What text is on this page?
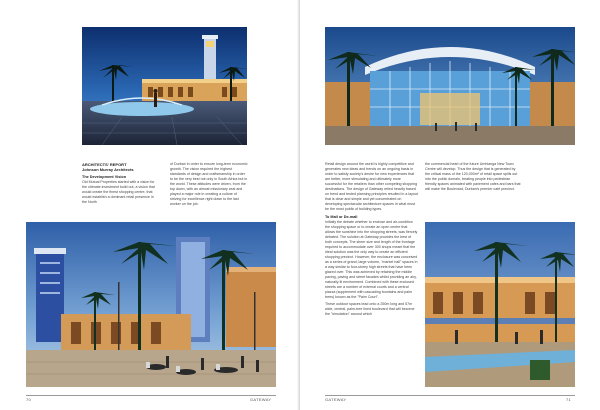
ARCHITECTS' REPORT

Johnson Murray Architects

The Development Vision

Old Mutual Properties started with a vision for the ultimate investment build out, a vision that would create the finest shopping centre, that would establish a dominant retail presence in the North

of Durban in order to ensure long-term economic growth. The vision required the highest standards of design and craftsmanship in order to be the very best not only in South Africa but in the world. These attitudes were driven, from the top down, with an almost missionary zeal and played a major role in creating a culture of striving for excellence right down to the last worker on the job.

70	GATEWAY

Retail design around the world is highly competitive and generates new ideas and trends on an ongoing basis in order to satisfy society's desire for new experiences that are better, more stimulating and ultimately more successful for the retailers than other competing shopping destinations. The design of Gateway relied heavily based on trend and tested planning principles resulted in a layout that is clear and simple and yet concentrated on developing spectacular architecture spaces in what must be the most public of building types.

To Mall or De-mall

Initially the debate whether to enclose and air-condition the shopping space or to create an open centre that allows the sunshine into the shopping streets, was fiercely debated. The solution at Gateway provides the best of both concepts. The sheer size and length of the frontage required to accommodate over 300 shops meant that the ideal solution was the only way to create an efficient shopping precinct. However, the enclosure was conceived as a series of grand, large volume, "market hall" spaces in a way similar to four-storey high streets that have been glazed over. This was achieved by retaining the middle paving, paving and street facades whilst providing an airy, naturally lit environment. Combined with these enclosed streets are a number of external courts and a central piazza (supplement with cascading fountains and palm trees) known as the "Palm Court".

These outdoor spaces lead onto a 250m long and 57m wide, central, palm-tree lined boulevard that will become the "simulation" around which

the commercial heart of the future Umhlanga New Town Centre will develop. Thus the design that is generated by the critical mass of the 120,000m² of retail space spills out into the public domain, treating people into pedestrian friendly spaces animated with pavement cafes and bars that will make the Boulevard, Durban's premier café precinct.

GATEWAY	71
